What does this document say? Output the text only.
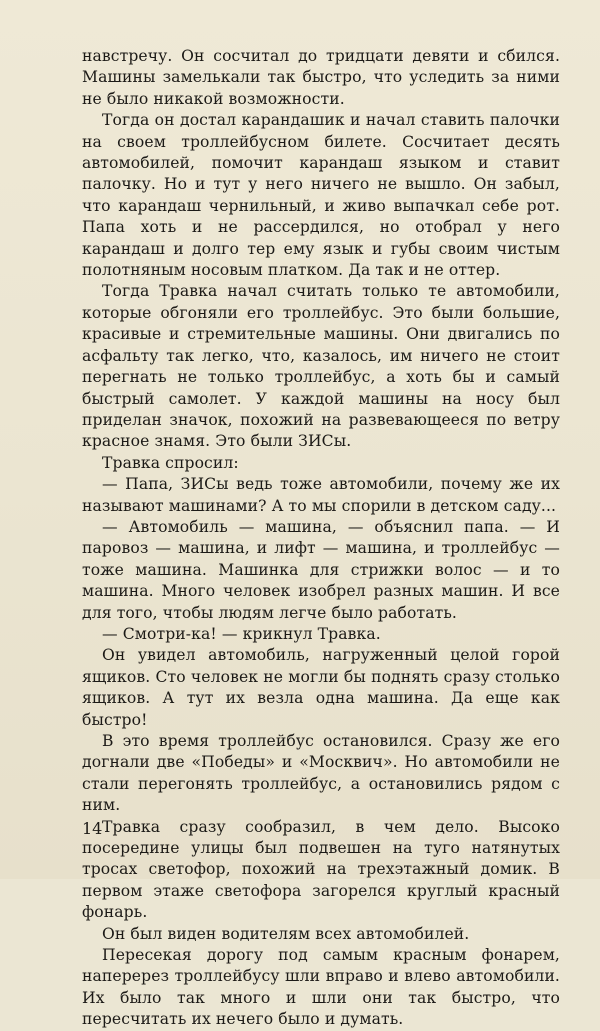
навстречу. Он сосчитал до тридцати девяти и сбился. Машины замелькали так быстро, что уследить за ними не было никакой возможности.

Тогда он достал карандашик и начал ставить палочки на своем троллейбусном билете. Сосчитает десять автомобилей, помочит карандаш языком и ставит палочку. Но и тут у него ничего не вышло. Он забыл, что карандаш чернильный, и живо выпачкал себе рот. Папа хоть и не рассердился, но отобрал у него карандаш и долго тер ему язык и губы своим чистым полотняным носовым платком. Да так и не оттер.

Тогда Травка начал считать только те автомобили, которые обгоняли его троллейбус. Это были большие, красивые и стремительные машины. Они двигались по асфальту так легко, что, казалось, им ничего не стоит перегнать не только троллейбус, а хоть бы и самый быстрый самолет. У каждой машины на носу был приделан значок, похожий на развевающееся по ветру красное знамя. Это были ЗИСы.

Травка спросил:

— Папа, ЗИСы ведь тоже автомобили, почему же их называют машинами? А то мы спорили в детском саду...

— Автомобиль — машина, — объяснил папа. — И паровоз — машина, и лифт — машина, и троллейбус — тоже машина. Машинка для стрижки волос — и то машина. Много человек изобрел разных машин. И все для того, чтобы людям легче было работать.

— Смотри-ка! — крикнул Травка.

Он увидел автомобиль, нагруженный целой горой ящиков. Сто человек не могли бы поднять сразу столько ящиков. А тут их везла одна машина. Да еще как быстро!

В это время троллейбус остановился. Сразу же его догнали две «Победы» и «Москвич». Но автомобили не стали перегонять троллейбус, а остановились рядом с ним.

Травка сразу сообразил, в чем дело. Высоко посередине улицы был подвешен на туго натянутых тросах светофор, похожий на трехэтажный домик. В первом этаже светофора загорелся круглый красный фонарь.

Он был виден водителям всех автомобилей.

Пересекая дорогу под самым красным фонарем, наперерез троллейбусу шли вправо и влево автомобили. Их было так много и шли они так быстро, что пересчитать их нечего было и думать.

14
